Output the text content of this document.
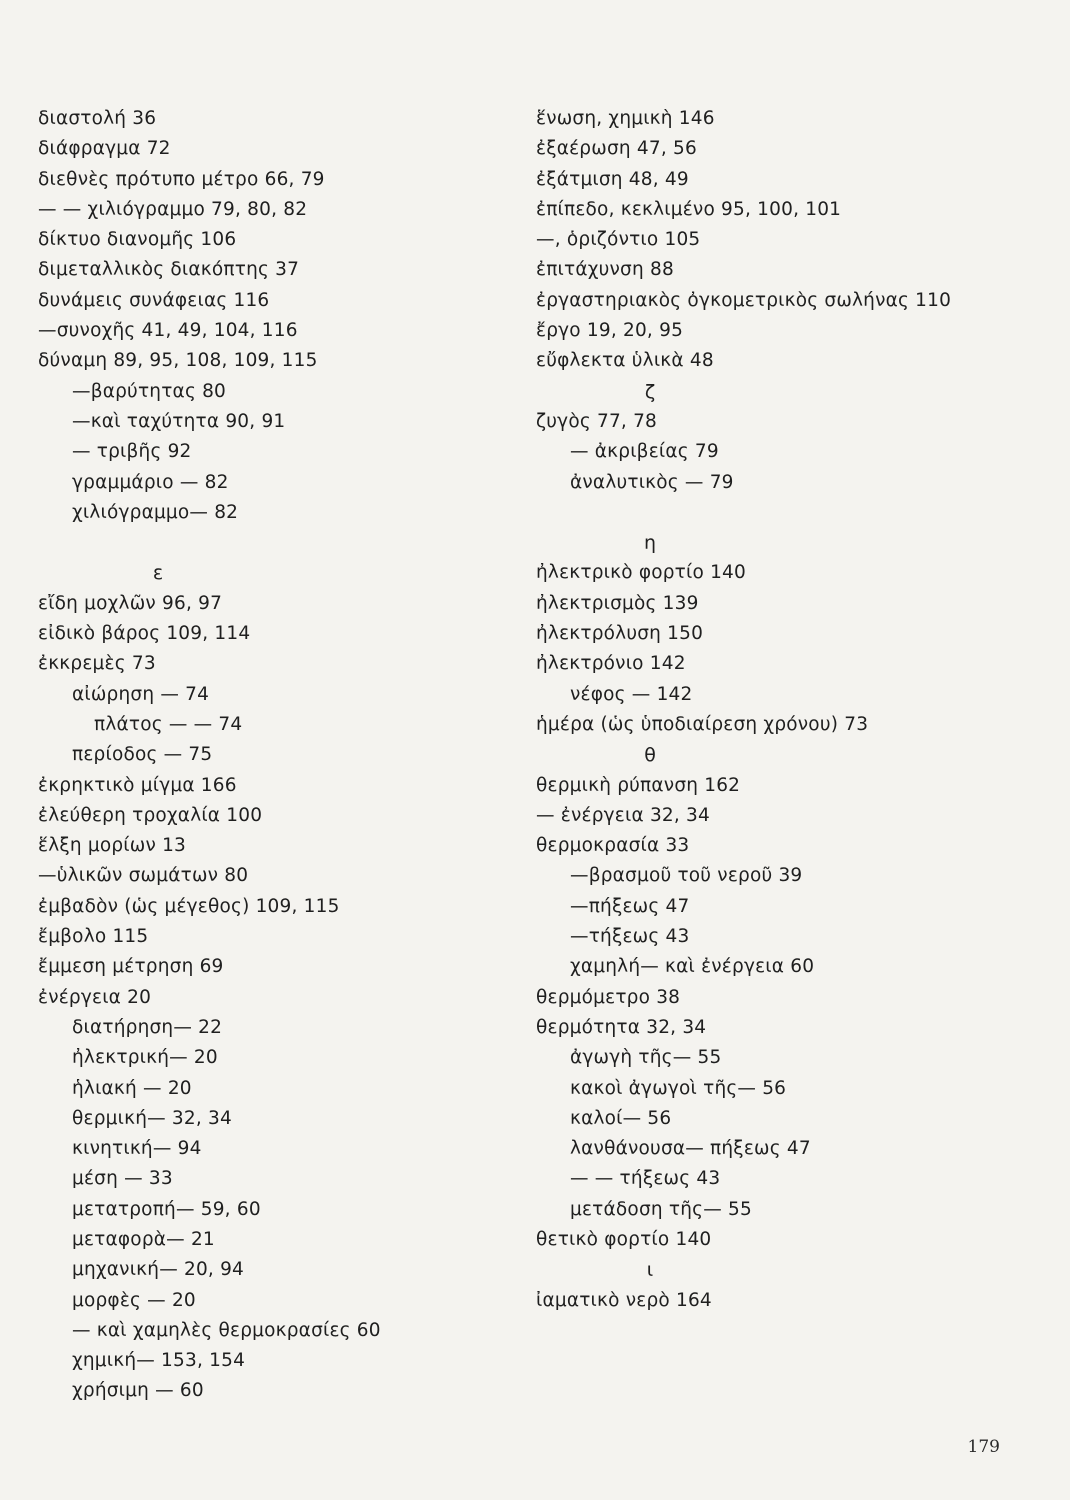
διαστολή 36
διάφραγμα 72
διεθνὲς πρότυπο μέτρο 66, 79
— — χιλιόγραμμο 79, 80, 82
δίκτυο διανομῆς 106
διμεταλλικὸς διακόπτης 37
δυνάμεις συνάφειας 116
—συνοχῆς 41, 49, 104, 116
δύναμη 89, 95, 108, 109, 115
—βαρύτητας 80
—καὶ ταχύτητα 90, 91
— τριβῆς 92
γραμμάριο — 82
χιλιόγραμμο— 82
ε
εἴδη μοχλῶν 96, 97
εἰδικὸ βάρος 109, 114
ἐκκρεμὲς 73
αἰώρηση — 74
πλάτος — — 74
περίοδος — 75
ἐκρηκτικὸ μίγμα 166
ἐλεύθερη τροχαλία 100
ἕλξη μορίων 13
—ὑλικῶν σωμάτων 80
ἐμβαδὸν (ὡς μέγεθος) 109, 115
ἔμβολο 115
ἔμμεση μέτρηση 69
ἐνέργεια 20
διατήρηση— 22
ἠλεκτρική— 20
ἡλιακή — 20
θερμική— 32, 34
κινητική— 94
μέση — 33
μετατροπή— 59, 60
μεταφορὰ— 21
μηχανική— 20, 94
μορφὲς — 20
— καὶ χαμηλὲς θερμοκρασίες 60
χημική— 153, 154
χρήσιμη — 60
ἕνωση, χημικὴ 146
ἐξαέρωση 47, 56
ἐξάτμιση 48, 49
ἐπίπεδο, κεκλιμένο 95, 100, 101
—, ὁριζόντιο 105
ἐπιτάχυνση 88
ἐργαστηριακὸς ὀγκομετρικὸς σωλήνας 110
ἔργο 19, 20, 95
εὔφλεκτα ὑλικὰ 48
ζ
ζυγὸς 77, 78
— ἀκριβείας 79
ἀναλυτικὸς — 79
η
ἠλεκτρικὸ φορτίο 140
ἠλεκτρισμὸς 139
ἠλεκτρόλυση 150
ἠλεκτρόνιο 142
νέφος — 142
ἡμέρα (ὡς ὑποδιαίρεση χρόνου) 73
θ
θερμικὴ ρύπανση 162
— ἐνέργεια 32, 34
θερμοκρασία 33
—βρασμοῦ τοῦ νεροῦ 39
—πήξεως 47
—τήξεως 43
χαμηλή— καὶ ἐνέργεια 60
θερμόμετρο 38
θερμότητα 32, 34
ἀγωγὴ τῆς— 55
κακοὶ ἀγωγοὶ τῆς— 56
καλοί— 56
λανθάνουσα— πήξεως 47
— — τήξεως 43
μετάδοση τῆς— 55
θετικὸ φορτίο 140
ι
ἰαματικὸ νερὸ 164
179
